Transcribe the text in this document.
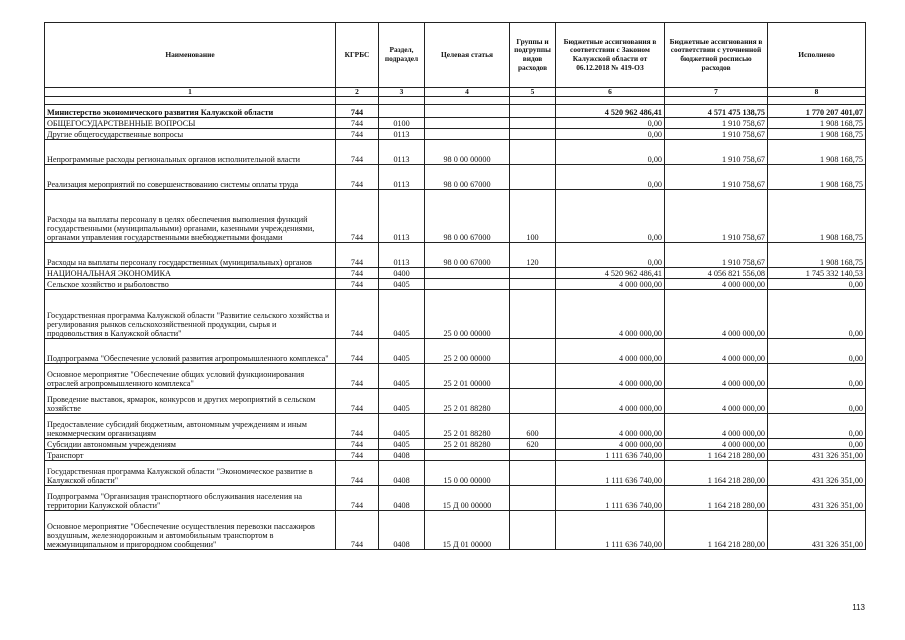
Наименование	КГРБС	Раздел, подраздел	Целевая статья	Группы и подгруппы видов расходов	Бюджетные ассигнования в соответствии с Законом Калужской области от 06.12.2018 № 419-ОЗ	Бюджетные ассигнования в соответствии с уточненной бюджетной росписью расходов	Исполнено
1	2	3	4	5	6	7	8

Министерство экономического развития Калужской области	744				4 520 962 486,41	4 571 475 138,75	1 770 207 401,07
ОБЩЕГОСУДАРСТВЕННЫЕ ВОПРОСЫ	744	0100			0,00	1 910 758,67	1 908 168,75
Другие общегосударственные вопросы	744	0113			0,00	1 910 758,67	1 908 168,75
Непрограммные расходы региональных органов исполнительной власти	744	0113	98 0 00 00000		0,00	1 910 758,67	1 908 168,75
Реализация мероприятий по совершенствованию системы оплаты труда	744	0113	98 0 00 67000		0,00	1 910 758,67	1 908 168,75
Расходы на выплаты персоналу в целях обеспечения выполнения функций государственными (муниципальными) органами, казенными учреждениями, органами управления государственными внебюджетными фондами	744	0113	98 0 00 67000	100	0,00	1 910 758,67	1 908 168,75
Расходы на выплаты персоналу государственных (муниципальных) органов	744	0113	98 0 00 67000	120	0,00	1 910 758,67	1 908 168,75
НАЦИОНАЛЬНАЯ ЭКОНОМИКА	744	0400			4 520 962 486,41	4 056 821 556,08	1 745 332 140,53
Сельское хозяйство и рыболовство	744	0405			4 000 000,00	4 000 000,00	0,00
Государственная программа Калужской области "Развитие сельского хозяйства и регулирования рынков сельскохозяйственной продукции, сырья и продовольствия в Калужской области"	744	0405	25 0 00 00000		4 000 000,00	4 000 000,00	0,00
Подпрограмма "Обеспечение условий развития агропромышленного комплекса"	744	0405	25 2 00 00000		4 000 000,00	4 000 000,00	0,00
Основное мероприятие "Обеспечение общих условий функционирования отраслей агропромышленного комплекса"	744	0405	25 2 01 00000		4 000 000,00	4 000 000,00	0,00
Проведение выставок, ярмарок, конкурсов и других мероприятий в сельском хозяйстве	744	0405	25 2 01 88280		4 000 000,00	4 000 000,00	0,00
Предоставление субсидий бюджетным, автономным учреждениям и иным некоммерческим организациям	744	0405	25 2 01 88280	600	4 000 000,00	4 000 000,00	0,00
Субсидии автономным учреждениям	744	0405	25 2 01 88280	620	4 000 000,00	4 000 000,00	0,00
Транспорт	744	0408			1 111 636 740,00	1 164 218 280,00	431 326 351,00
Государственная программа Калужской области "Экономическое развитие в Калужской области"	744	0408	15 0 00 00000		1 111 636 740,00	1 164 218 280,00	431 326 351,00
Подпрограмма "Организация транспортного обслуживания населения на территории Калужской области"	744	0408	15 Д 00 00000		1 111 636 740,00	1 164 218 280,00	431 326 351,00
Основное мероприятие "Обеспечение осуществления перевозки пассажиров воздушным, железнодорожным и автомобильным транспортом в межмуниципальном и пригородном сообщении"	744	0408	15 Д 01 00000		1 111 636 740,00	1 164 218 280,00	431 326 351,00
113
